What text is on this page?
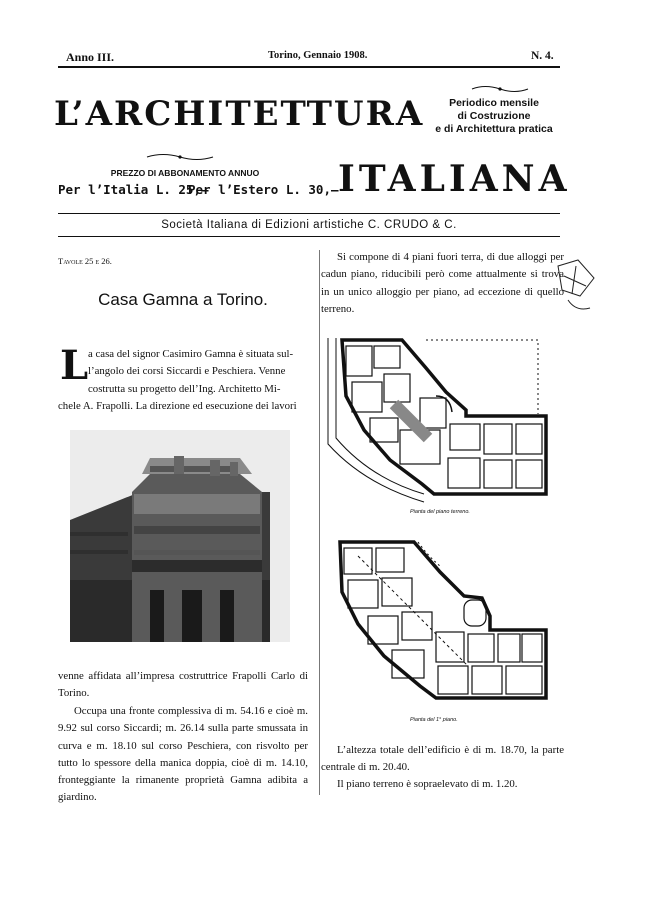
Anno III.	Torino, Gennaio 1908.	N. 4.
L’ARCHITETTURA	Periodico mensile
di Costruzione
e di Architettura pratica
PREZZO DI ABBONAMENTO ANNUO
Per l’Italia L. 25,–
Per l’Estero L. 30,– ITALIANA
Società Italiana di Edizioni artistiche C. CRUDO & C.
Tavole 25 e 26.
Casa Gamna a Torino.
L a casa del signor Casimiro Gamna è situata sul-
l’angolo dei corsi Siccardi e Peschiera. Venne
costrutta su progetto dell’Ing. Architetto Mi-
chele A. Frapolli. La direzione ed esecuzione dei lavori
venne affidata all’impresa costruttrice Frapolli Carlo di Torino.
Occupa una fronte complessiva di m. 54.16 e cioè m. 9.92 sul corso Siccardi; m. 26.14 sulla parte smussata in curva e m. 18.10 sul corso Peschiera, con risvolto per tutto lo spessore della manica doppia, cioè di m. 14.10, fronteggiante la rimanente proprietà Gamna adibita a giardino.
Si compone di 4 piani fuori terra, di due alloggi per cadun piano, riducibili però come attualmente si trova in un unico alloggio per piano, ad eccezione di quello terreno.
Pianta del piano terreno.
Pianta del 1° piano.
L’altezza totale dell’edificio è di m. 18.70, la parte centrale di m. 20.40.
Il piano terreno è sopraelevato di m. 1.20.
